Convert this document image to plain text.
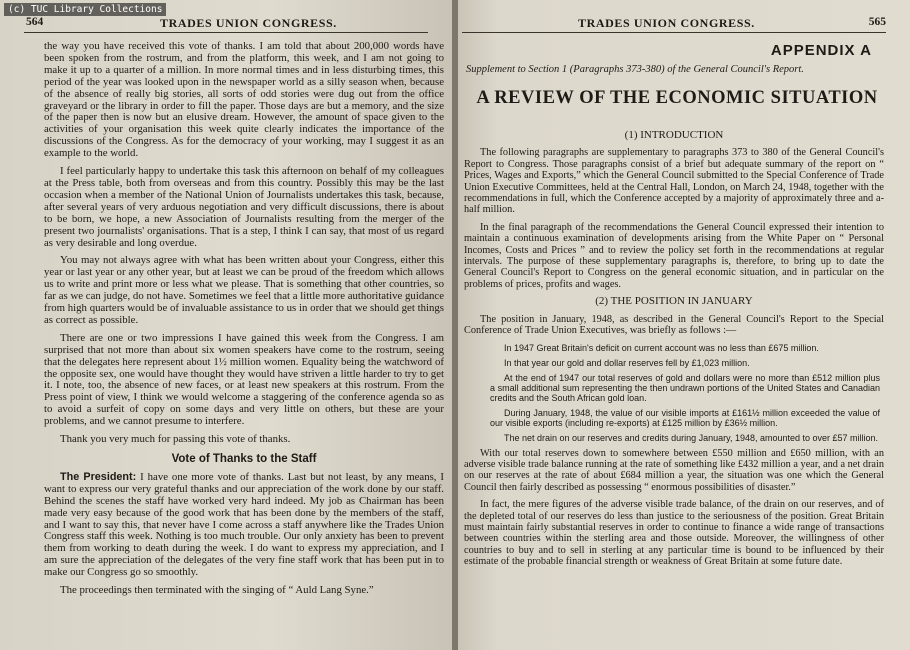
564	TRADES UNION CONGRESS.

the way you have received this vote of thanks. I am told that about 200,000 words have been spoken from the rostrum, and from the platform, this week, and I am not going to make it up to a quarter of a million. In more normal times and in less disturbing times, this period of the year was looked upon in the newspaper world as a silly season when, because of the absence of really big stories, all sorts of odd stories were dug out from the office graveyard or the library in order to fill the paper. Those days are but a memory, and the size of the paper then is now but an elusive dream. However, the amount of space given to the activities of your organisation this week quite clearly indicates the importance of the discussions of the Congress. As for the democracy of your working, may I suggest it as an example to the world.

I feel particularly happy to undertake this task this afternoon on behalf of my colleagues at the Press table, both from overseas and from this country. Possibly this may be the last occasion when a member of the National Union of Journalists undertakes this task, because, after several years of very arduous negotiation and very difficult discussions, there is about to be born, we hope, a new Association of Journalists resulting from the merger of the present two journalists' organisations. That is a step, I think I can say, that most of us regard as very desirable and long overdue.

You may not always agree with what has been written about your Congress, either this year or last year or any other year, but at least we can be proud of the freedom which allows us to write and print more or less what we please. That is something that other countries, so far as we can judge, do not have. Sometimes we feel that a little more authoritative guidance from high quarters would be of invaluable assistance to us in order that we should get things as correct as possible.

There are one or two impressions I have gained this week from the Congress. I am surprised that not more than about six women speakers have come to the rostrum, seeing that the delegates here represent about 1½ million women. Equality being the watchword of the opposite sex, one would have thought they would have striven a little harder to try to get it. I note, too, the absence of new faces, or at least new speakers at this rostrum. From the Press point of view, I think we would welcome a staggering of the conference agenda so as to avoid a surfeit of copy on some days and very little on others, but these are your problems, and we cannot presume to interfere.

Thank you very much for passing this vote of thanks.

Vote of Thanks to the Staff

The President: I have one more vote of thanks. Last but not least, by any means, I want to express our very grateful thanks and our appreciation of the work done by our staff. Behind the scenes the staff have worked very hard indeed. My job as Chairman has been made very easy because of the good work that has been done by the members of the staff, and I want to say this, that never have I come across a staff anywhere like the Trades Union Congress staff this week. Nothing is too much trouble. Our only anxiety has been to prevent them from working to death during the week. I do want to express my appreciation, and I am sure the appreciation of the delegates of the very fine staff work that has been put in to make our Congress go so smoothly.

The proceedings then terminated with the singing of “ Auld Lang Syne.”

TRADES UNION CONGRESS.	565
APPENDIX A
Supplement to Section 1 (Paragraphs 373-380) of the General Council's Report.
A REVIEW OF THE ECONOMIC SITUATION
(1) INTRODUCTION

The following paragraphs are supplementary to paragraphs 373 to 380 of the General Council's Report to Congress. Those paragraphs consist of a brief but adequate summary of the report on “ Prices, Wages and Exports,” which the General Council submitted to the Special Conference of Trade Union Executive Committees, held at the Central Hall, London, on March 24, 1948, together with the recommendations in full, which the Conference accepted by a majority of approximately three and a-half million.

In the final paragraph of the recommendations the General Council expressed their intention to maintain a continuous examination of developments arising from the White Paper on “ Personal Incomes, Costs and Prices ” and to review the policy set forth in the recommendations at regular intervals. The purpose of these supplementary paragraphs is, therefore, to bring up to date the General Council's Report to Congress on the general economic situation, and in particular on the problems of prices, profits and wages.

(2) THE POSITION IN JANUARY

The position in January, 1948, as described in the General Council's Report to the Special Conference of Trade Union Executives, was briefly as follows :—

In 1947 Great Britain's deficit on current account was no less than £675 million.
In that year our gold and dollar reserves fell by £1,023 million.
At the end of 1947 our total reserves of gold and dollars were no more than £512 million plus a small additional sum representing the then undrawn portions of the United States and Canadian credits and the South African gold loan.
During January, 1948, the value of our visible imports at £161½ million exceeded the value of our visible exports (including re-exports) at £125 million by £36½ million.
The net drain on our reserves and credits during January, 1948, amounted to over £57 million.

With our total reserves down to somewhere between £550 million and £650 million, with an adverse visible trade balance running at the rate of something like £432 million a year, and a net drain on our reserves at the rate of about £684 million a year, the situation was one which the General Council then fairly described as possessing “ enormous possibilities of disaster.”

In fact, the mere figures of the adverse visible trade balance, of the drain on our reserves, and of the depleted total of our reserves do less than justice to the seriousness of the position. Great Britain must maintain fairly substantial reserves in order to continue to finance a wide range of transactions between countries within the sterling area and those outside. Moreover, the willingness of other countries to buy and to sell in sterling at any particular time is bound to be influenced by their estimate of the probable financial strength or weakness of Great Britain at some future date.

(c) TUC Library Collections
